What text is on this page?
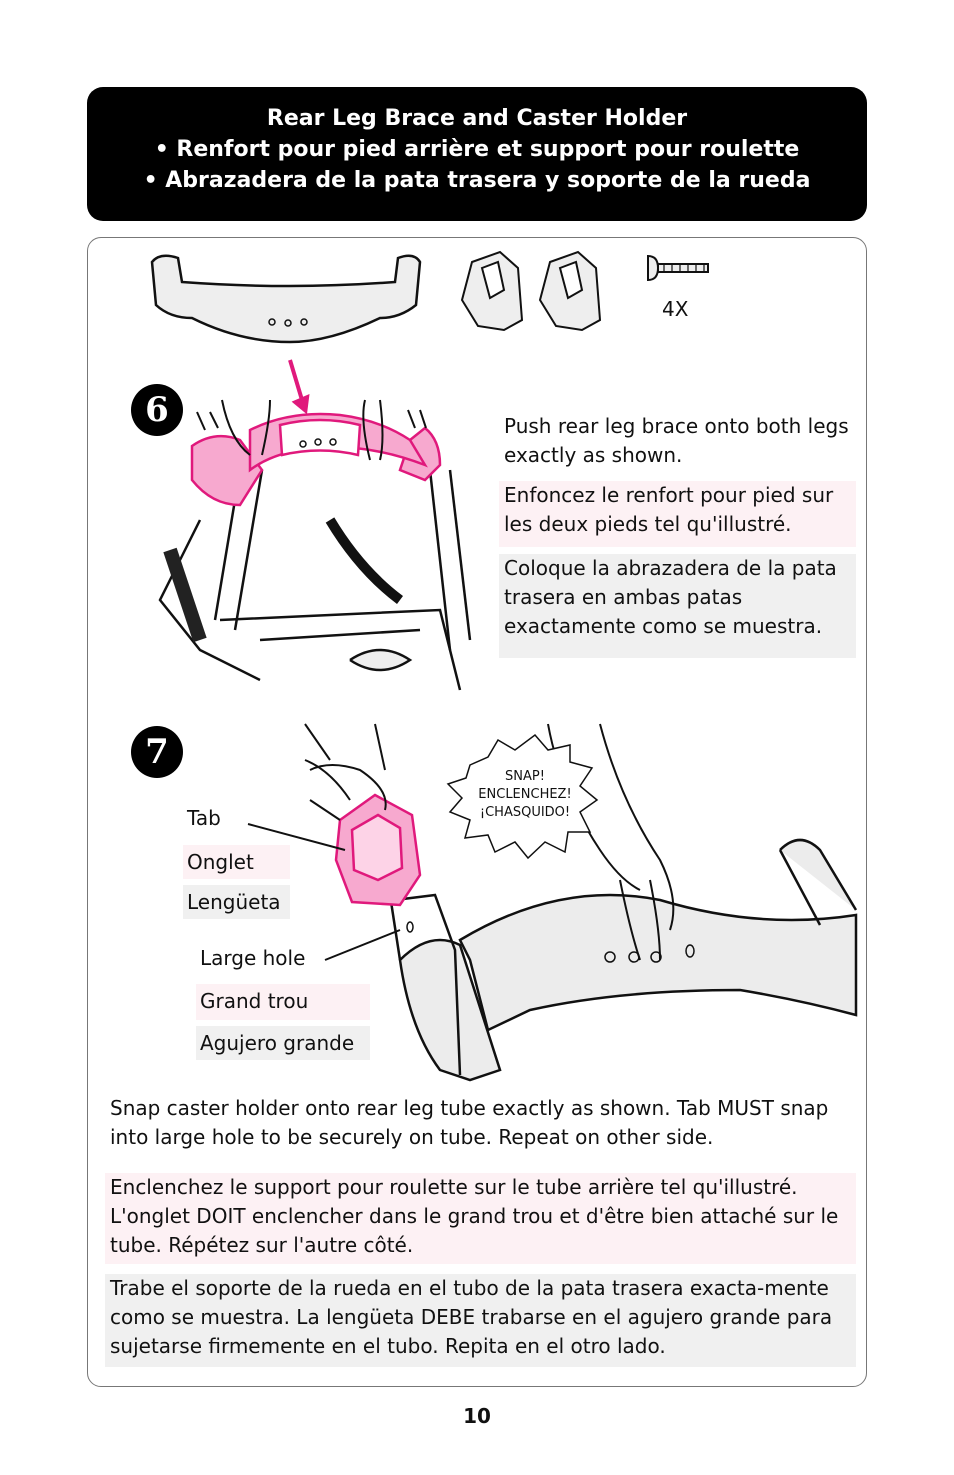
Rear Leg Brace and Caster Holder
• Renfort pour pied arrière et support pour roulette
• Abrazadera de la pata trasera y soporte de la rueda
4X
6	Push rear leg brace onto both legs exactly as shown.
Enfoncez le renfort pour pied sur les deux pieds tel qu'illustré.
Coloque la abrazadera de la pata trasera en ambas patas exactamente como se muestra.
7
SNAP!
ENCLENCHEZ!
¡CHASQUIDO!
Tab
Onglet
Lengüeta
Large hole
Grand trou
Agujero grande
Snap caster holder onto rear leg tube exactly as shown. Tab MUST snap into large hole to be securely on tube. Repeat on other side.
Enclenchez le support pour roulette sur le tube arrière tel qu'illustré. L'onglet DOIT enclencher dans le grand trou et d'être bien attaché sur le tube. Répétez sur l'autre côté.
Trabe el soporte de la rueda en el tubo de la pata trasera exacta-mente como se muestra. La lengüeta DEBE trabarse en el agujero grande para sujetarse firmemente en el tubo. Repita en el otro lado.
10
